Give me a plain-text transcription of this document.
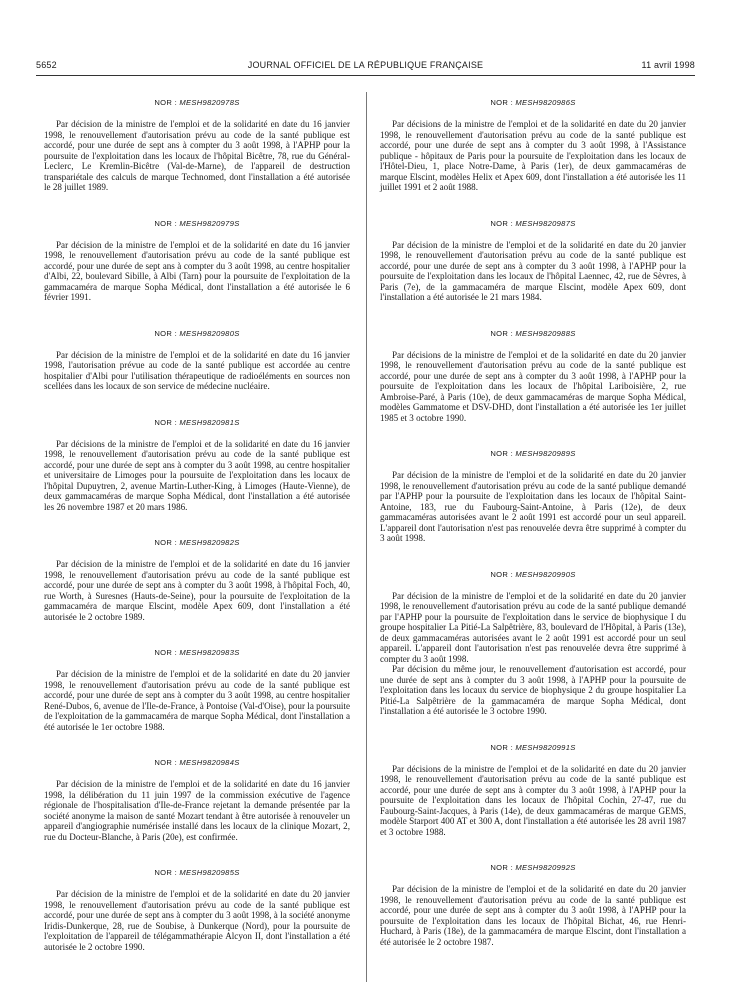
5652	JOURNAL OFFICIEL DE LA RÉPUBLIQUE FRANÇAISE	11 avril 1998
NOR : MESH9820978S

Par décision de la ministre de l'emploi et de la solidarité en date du 16 janvier 1998, le renouvellement d'autorisation prévu au code de la santé publique est accordé, pour une durée de sept ans à compter du 3 août 1998, à l'APHP pour la poursuite de l'exploitation dans les locaux de l'hôpital Bicêtre, 78, rue du Général-Leclerc, Le Kremlin-Bicêtre (Val-de-Marne), de l'appareil de destruction transpariétale des calculs de marque Technomed, dont l'installation a été autorisée le 28 juillet 1989.

NOR : MESH9820979S

Par décision de la ministre de l'emploi et de la solidarité en date du 16 janvier 1998, le renouvellement d'autorisation prévu au code de la santé publique est accordé, pour une durée de sept ans à compter du 3 août 1998, au centre hospitalier d'Albi, 22, boulevard Sibille, à Albi (Tarn) pour la poursuite de l'exploitation de la gammacaméra de marque Sopha Médical, dont l'installation a été autorisée le 6 février 1991.

NOR : MESH9820980S

Par décision de la ministre de l'emploi et de la solidarité en date du 16 janvier 1998, l'autorisation prévue au code de la santé publique est accordée au centre hospitalier d'Albi pour l'utilisation thérapeutique de radioéléments en sources non scellées dans les locaux de son service de médecine nucléaire.

NOR : MESH9820981S

Par décisions de la ministre de l'emploi et de la solidarité en date du 16 janvier 1998, le renouvellement d'autorisation prévu au code de la santé publique est accordé, pour une durée de sept ans à compter du 3 août 1998, au centre hospitalier et universitaire de Limoges pour la poursuite de l'exploitation dans les locaux de l'hôpital Dupuytren, 2, avenue Martin-Luther-King, à Limoges (Haute-Vienne), de deux gammacaméras de marque Sopha Médical, dont l'installation a été autorisée les 26 novembre 1987 et 20 mars 1986.

NOR : MESH9820982S

Par décision de la ministre de l'emploi et de la solidarité en date du 16 janvier 1998, le renouvellement d'autorisation prévu au code de la santé publique est accordé, pour une durée de sept ans à compter du 3 août 1998, à l'hôpital Foch, 40, rue Worth, à Suresnes (Hauts-de-Seine), pour la poursuite de l'exploitation de la gammacaméra de marque Elscint, modèle Apex 609, dont l'installation a été autorisée le 2 octobre 1989.

NOR : MESH9820983S

Par décision de la ministre de l'emploi et de la solidarité en date du 20 janvier 1998, le renouvellement d'autorisation prévu au code de la santé publique est accordé, pour une durée de sept ans à compter du 3 août 1998, au centre hospitalier René-Dubos, 6, avenue de l'Ile-de-France, à Pontoise (Val-d'Oise), pour la poursuite de l'exploitation de la gammacaméra de marque Sopha Médical, dont l'installation a été autorisée le 1er octobre 1988.

NOR : MESH9820984S

Par décision de la ministre de l'emploi et de la solidarité en date du 16 janvier 1998, la délibération du 11 juin 1997 de la commission exécutive de l'agence régionale de l'hospitalisation d'Ile-de-France rejetant la demande présentée par la société anonyme la maison de santé Mozart tendant à être autorisée à renouveler un appareil d'angiographie numérisée installé dans les locaux de la clinique Mozart, 2, rue du Docteur-Blanche, à Paris (20e), est confirmée.

NOR : MESH9820985S

Par décision de la ministre de l'emploi et de la solidarité en date du 20 janvier 1998, le renouvellement d'autorisation prévu au code de la santé publique est accordé, pour une durée de sept ans à compter du 3 août 1998, à la société anonyme Iridis-Dunkerque, 28, rue de Soubise, à Dunkerque (Nord), pour la poursuite de l'exploitation de l'appareil de télégammathérapie Alcyon II, dont l'installation a été autorisée le 2 octobre 1990.

NOR : MESH9820986S

Par décisions de la ministre de l'emploi et de la solidarité en date du 20 janvier 1998, le renouvellement d'autorisation prévu au code de la santé publique est accordé, pour une durée de sept ans à compter du 3 août 1998, à l'Assistance publique - hôpitaux de Paris pour la poursuite de l'exploitation dans les locaux de l'Hôtel-Dieu, 1, place Notre-Dame, à Paris (1er), de deux gammacaméras de marque Elscint, modèles Helix et Apex 609, dont l'installation a été autorisée les 11 juillet 1991 et 2 août 1988.

NOR : MESH9820987S

Par décision de la ministre de l'emploi et de la solidarité en date du 20 janvier 1998, le renouvellement d'autorisation prévu au code de la santé publique est accordé, pour une durée de sept ans à compter du 3 août 1998, à l'APHP pour la poursuite de l'exploitation dans les locaux de l'hôpital Laennec, 42, rue de Sèvres, à Paris (7e), de la gammacaméra de marque Elscint, modèle Apex 609, dont l'installation a été autorisée le 21 mars 1984.

NOR : MESH9820988S

Par décisions de la ministre de l'emploi et de la solidarité en date du 20 janvier 1998, le renouvellement d'autorisation prévu au code de la santé publique est accordé, pour une durée de sept ans à compter du 3 août 1998, à l'APHP pour la poursuite de l'exploitation dans les locaux de l'hôpital Lariboisière, 2, rue Ambroise-Paré, à Paris (10e), de deux gammacaméras de marque Sopha Médical, modèles Gammatome et DSV-DHD, dont l'installation a été autorisée les 1er juillet 1985 et 3 octobre 1990.

NOR : MESH9820989S

Par décision de la ministre de l'emploi et de la solidarité en date du 20 janvier 1998, le renouvellement d'autorisation prévu au code de la santé publique demandé par l'APHP pour la poursuite de l'exploitation dans les locaux de l'hôpital Saint-Antoine, 183, rue du Faubourg-Saint-Antoine, à Paris (12e), de deux gammacaméras autorisées avant le 2 août 1991 est accordé pour un seul appareil. L'appareil dont l'autorisation n'est pas renouvelée devra être supprimé à compter du 3 août 1998.

NOR : MESH9820990S

Par décision de la ministre de l'emploi et de la solidarité en date du 20 janvier 1998, le renouvellement d'autorisation prévu au code de la santé publique demandé par l'APHP pour la poursuite de l'exploitation dans le service de biophysique I du groupe hospitalier La Pitié-La Salpêtrière, 83, boulevard de l'Hôpital, à Paris (13e), de deux gammacaméras autorisées avant le 2 août 1991 est accordé pour un seul appareil. L'appareil dont l'autorisation n'est pas renouvelée devra être supprimé à compter du 3 août 1998.

Par décision du même jour, le renouvellement d'autorisation est accordé, pour une durée de sept ans à compter du 3 août 1998, à l'APHP pour la poursuite de l'exploitation dans les locaux du service de biophysique 2 du groupe hospitalier La Pitié-La Salpêtrière de la gammacaméra de marque Sopha Médical, dont l'installation a été autorisée le 3 octobre 1990.

NOR : MESH9820991S

Par décisions de la ministre de l'emploi et de la solidarité en date du 20 janvier 1998, le renouvellement d'autorisation prévu au code de la santé publique est accordé, pour une durée de sept ans à compter du 3 août 1998, à l'APHP pour la poursuite de l'exploitation dans les locaux de l'hôpital Cochin, 27-47, rue du Faubourg-Saint-Jacques, à Paris (14e), de deux gammacaméras de marque GEMS, modèle Starport 400 AT et 300 A, dont l'installation a été autorisée les 28 avril 1987 et 3 octobre 1988.

NOR : MESH9820992S

Par décision de la ministre de l'emploi et de la solidarité en date du 20 janvier 1998, le renouvellement d'autorisation prévu au code de la santé publique est accordé, pour une durée de sept ans à compter du 3 août 1998, à l'APHP pour la poursuite de l'exploitation dans les locaux de l'hôpital Bichat, 46, rue Henri-Huchard, à Paris (18e), de la gammacaméra de marque Elscint, dont l'installation a été autorisée le 2 octobre 1987.
